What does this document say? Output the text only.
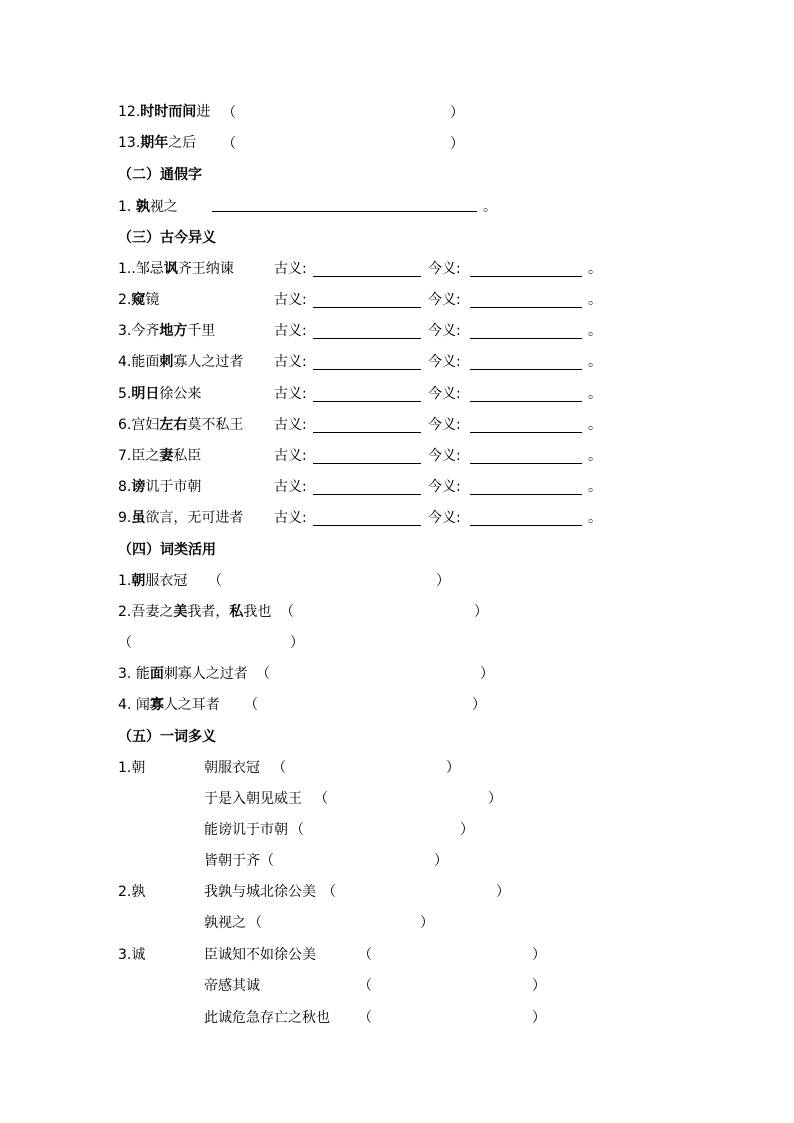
12.时时而间进 （	）
13.期年之后 （	）
（二）通假字
1. 孰视之	。
（三）古今异义
1..邹忌讽齐王纳谏	古义:	今义:	。
2.窥镜	古义:	今义:	。
3.今齐地方千里	古义:	今义:	。
4.能面刺寡人之过者 古义:	今义:	。
5.明日徐公来	古义:	今义:	。
6.宫妇左右莫不私王 古义:	今义:	。
7.臣之妻私臣	古义:	今义:	。
8.谤讥于市朝	古义:	今义:	。
9.虽欲言，无可进者 古义:	今义:	。
（四）词类活用
1.朝服衣冠 （	）
2.吾妻之美我者，私我也 （	）
（	）
3. 能面刺寡人之过者 （	）
4. 闻寡人之耳者 （	）
（五）一词多义
1.朝	朝服衣冠 （	）
于是入朝见威王 （	）
能谤讥于市朝 （	）
皆朝于齐 （	）
2.孰	我孰与城北徐公美 （	）
孰视之 （	）
3.诚	臣诚知不如徐公美	（	）
帝感其诚	（	）
此诚危急存亡之秋也 （	）
